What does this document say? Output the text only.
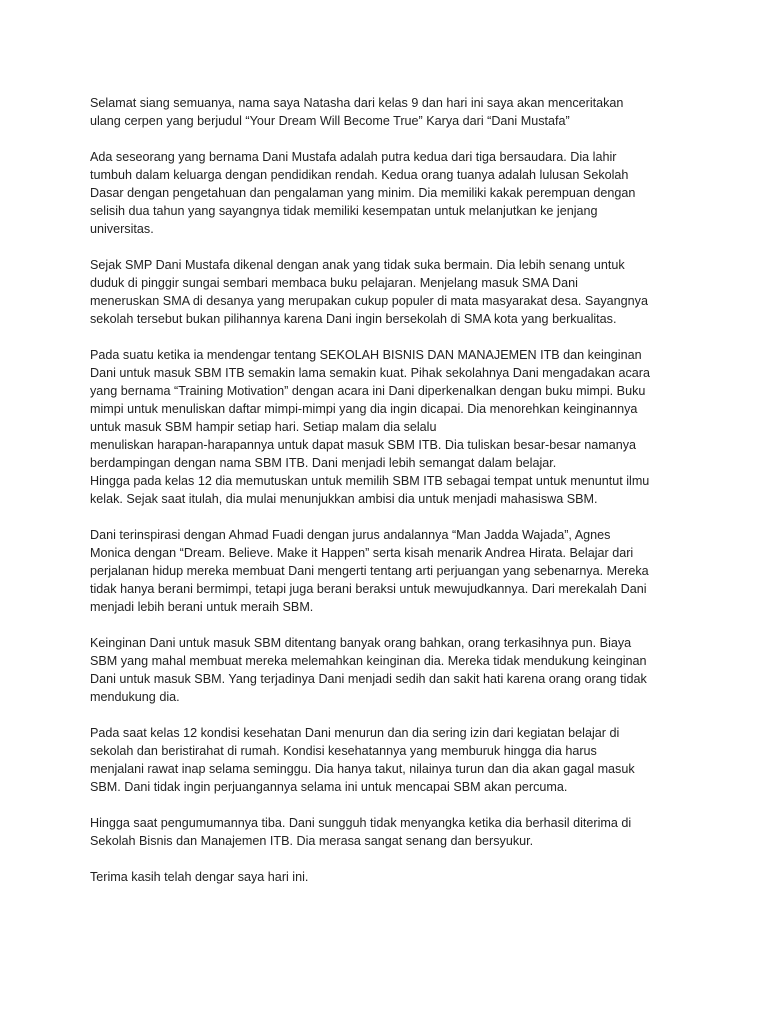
Selamat siang semuanya, nama saya Natasha dari kelas 9 dan hari ini saya akan menceritakan
ulang cerpen yang berjudul “Your Dream Will Become True” Karya dari “Dani Mustafa”

Ada seseorang yang bernama Dani Mustafa adalah putra kedua dari tiga bersaudara. Dia lahir
tumbuh dalam keluarga dengan pendidikan rendah. Kedua orang tuanya adalah lulusan Sekolah
Dasar dengan pengetahuan dan pengalaman yang minim. Dia memiliki kakak perempuan dengan
selisih dua tahun yang sayangnya tidak memiliki kesempatan untuk melanjutkan ke jenjang
universitas.

Sejak SMP Dani Mustafa dikenal dengan anak yang tidak suka bermain. Dia lebih senang untuk
duduk di pinggir sungai sembari membaca buku pelajaran. Menjelang masuk SMA Dani
meneruskan SMA di desanya yang merupakan cukup populer di mata masyarakat desa. Sayangnya
sekolah tersebut bukan pilihannya karena Dani ingin bersekolah di SMA kota yang berkualitas.

Pada suatu ketika ia mendengar tentang SEKOLAH BISNIS DAN MANAJEMEN ITB dan keinginan
Dani untuk masuk SBM ITB semakin lama semakin kuat. Pihak sekolahnya Dani mengadakan acara
yang bernama “Training Motivation” dengan acara ini Dani diperkenalkan dengan buku mimpi. Buku
mimpi untuk menuliskan daftar mimpi-mimpi yang dia ingin dicapai. Dia menorehkan keinginannya
untuk masuk SBM hampir setiap hari. Setiap malam dia selalu
menuliskan harapan-harapannya untuk dapat masuk SBM ITB. Dia tuliskan besar-besar namanya
berdampingan dengan nama SBM ITB. Dani menjadi lebih semangat dalam belajar.
Hingga pada kelas 12 dia memutuskan untuk memilih SBM ITB sebagai tempat untuk menuntut ilmu
kelak. Sejak saat itulah, dia mulai menunjukkan ambisi dia untuk menjadi mahasiswa SBM.

Dani terinspirasi dengan Ahmad Fuadi dengan jurus andalannya “Man Jadda Wajada”, Agnes
Monica dengan “Dream. Believe. Make it Happen” serta kisah menarik Andrea Hirata. Belajar dari
perjalanan hidup mereka membuat Dani mengerti tentang arti perjuangan yang sebenarnya. Mereka
tidak hanya berani bermimpi, tetapi juga berani beraksi untuk mewujudkannya. Dari merekalah Dani
menjadi lebih berani untuk meraih SBM.

Keinginan Dani untuk masuk SBM ditentang banyak orang bahkan, orang terkasihnya pun. Biaya
SBM yang mahal membuat mereka melemahkan keinginan dia. Mereka tidak mendukung keinginan
Dani untuk masuk SBM. Yang terjadinya Dani menjadi sedih dan sakit hati karena orang orang tidak
mendukung dia.

Pada saat kelas 12 kondisi kesehatan Dani menurun dan dia sering izin dari kegiatan belajar di
sekolah dan beristirahat di rumah. Kondisi kesehatannya yang memburuk hingga dia harus
menjalani rawat inap selama seminggu. Dia hanya takut, nilainya turun dan dia akan gagal masuk
SBM. Dani tidak ingin perjuangannya selama ini untuk mencapai SBM akan percuma.

Hingga saat pengumumannya tiba. Dani sungguh tidak menyangka ketika dia berhasil diterima di
Sekolah Bisnis dan Manajemen ITB. Dia merasa sangat senang dan bersyukur.

Terima kasih telah dengar saya hari ini.
